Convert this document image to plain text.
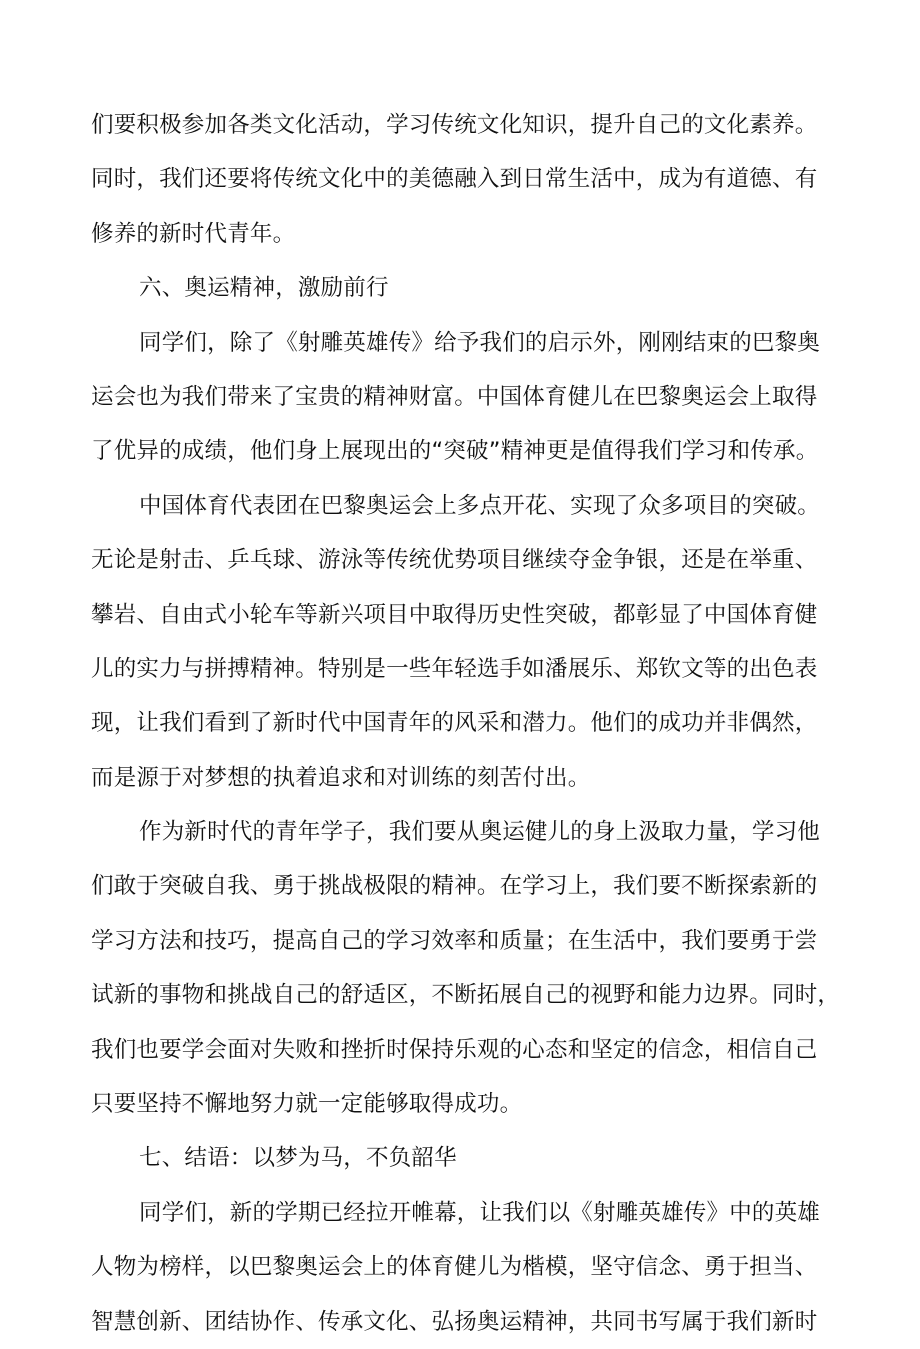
们要积极参加各类文化活动，学习传统文化知识，提升自己的文化素养。
同时，我们还要将传统文化中的美德融入到日常生活中，成为有道德、有
修养的新时代青年。
六、奥运精神，激励前行
同学们，除了《射雕英雄传》给予我们的启示外，刚刚结束的巴黎奥
运会也为我们带来了宝贵的精神财富。中国体育健儿在巴黎奥运会上取得
了优异的成绩，他们身上展现出的“突破”精神更是值得我们学习和传承。
中国体育代表团在巴黎奥运会上多点开花、实现了众多项目的突破。
无论是射击、乒乓球、游泳等传统优势项目继续夺金争银，还是在举重、
攀岩、自由式小轮车等新兴项目中取得历史性突破，都彰显了中国体育健
儿的实力与拼搏精神。特别是一些年轻选手如潘展乐、郑钦文等的出色表
现，让我们看到了新时代中国青年的风采和潜力。他们的成功并非偶然，
而是源于对梦想的执着追求和对训练的刻苦付出。
作为新时代的青年学子，我们要从奥运健儿的身上汲取力量，学习他
们敢于突破自我、勇于挑战极限的精神。在学习上，我们要不断探索新的
学习方法和技巧，提高自己的学习效率和质量；在生活中，我们要勇于尝
试新的事物和挑战自己的舒适区，不断拓展自己的视野和能力边界。同时，
我们也要学会面对失败和挫折时保持乐观的心态和坚定的信念，相信自己
只要坚持不懈地努力就一定能够取得成功。
七、结语：以梦为马，不负韶华
同学们，新的学期已经拉开帷幕，让我们以《射雕英雄传》中的英雄
人物为榜样，以巴黎奥运会上的体育健儿为楷模，坚守信念、勇于担当、
智慧创新、团结协作、传承文化、弘扬奥运精神，共同书写属于我们新时
